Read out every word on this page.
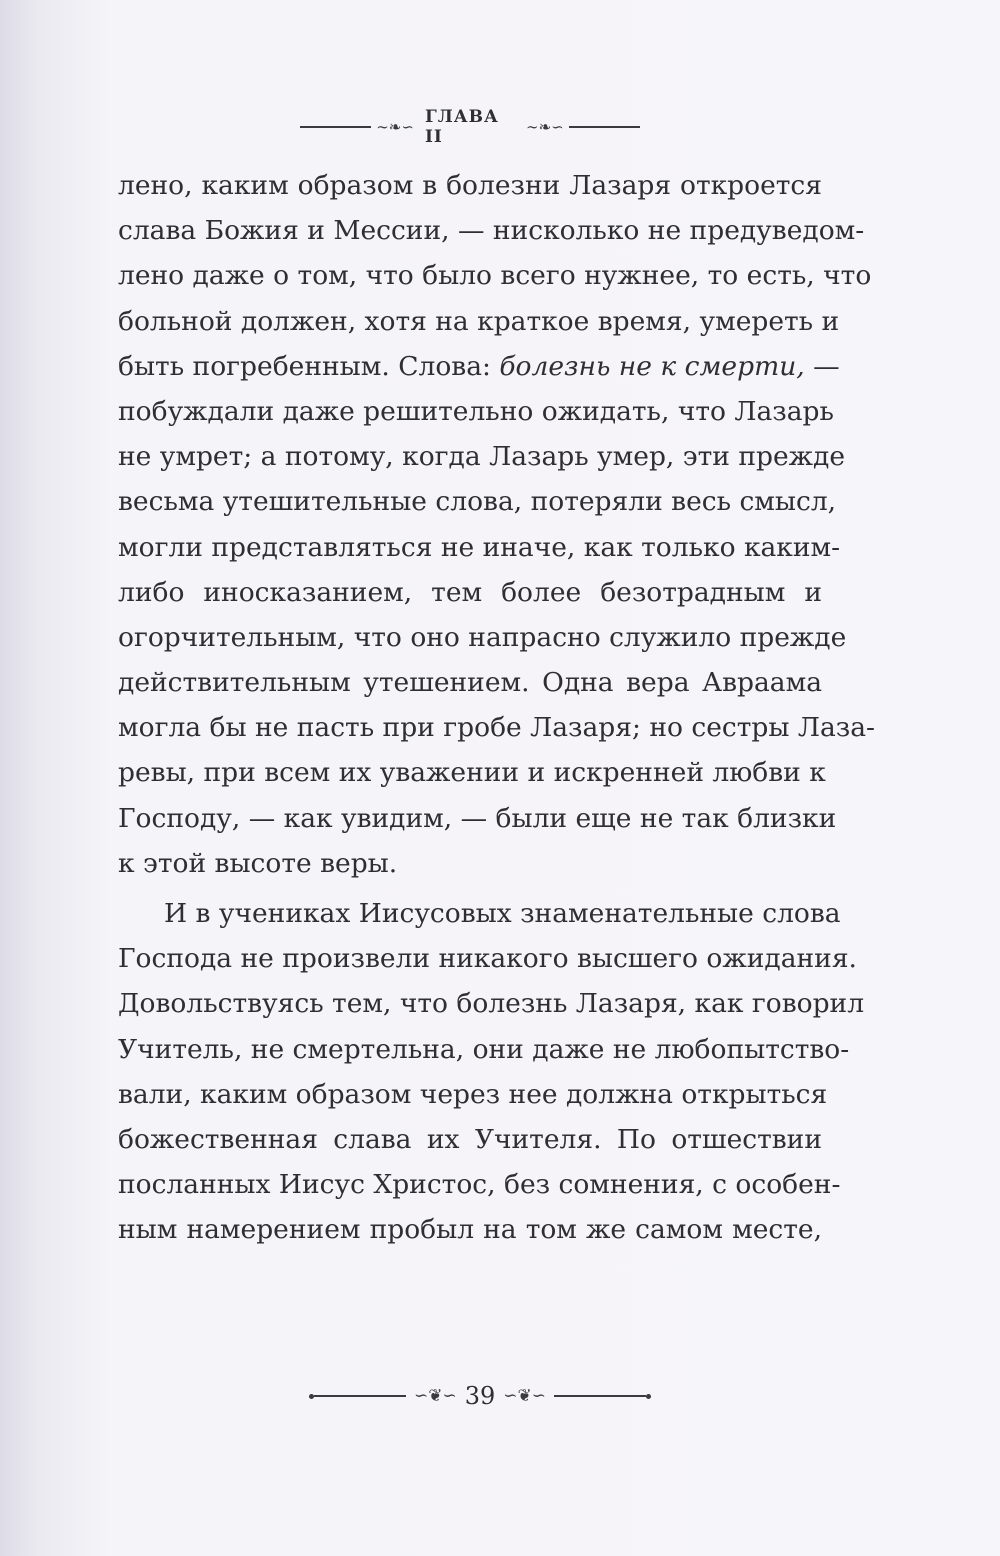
∼❧∽ ГЛАВА II
∼❧∽
лено, каким образом в болезни Лазаря откроется
слава Божия и Мессии, — нисколько не предуведом-
лено даже о том, что было всего нужнее, то есть, что
больной должен, хотя на краткое время, умереть и
быть погребенным. Слова: болезнь не к смерти, —
побуждали даже решительно ожидать, что Лазарь
не умрет; а потому, когда Лазарь умер, эти прежде
весьма утешительные слова, потеряли весь смысл,
могли представляться не иначе, как только каким-
либо иносказанием, тем более безотрадным и
огорчительным, что оно напрасно служило прежде
действительным утешением. Одна вера Авраама
могла бы не пасть при гробе Лазаря; но сестры Лаза-
ревы, при всем их уважении и искренней любви к
Господу, — как увидим, — были еще не так близки
к этой высоте веры.
И в учениках Иисусовых знаменательные слова
Господа не произвели никакого высшего ожидания.
Довольствуясь тем, что болезнь Лазаря, как говорил
Учитель, не смертельна, они даже не любопытство-
вали, каким образом через нее должна открыться
божественная слава их Учителя. По отшествии
посланных Иисус Христос, без сомнения, с особен-
ным намерением пробыл на том же самом месте,
∽❦∽ 39 ∽❦∽
